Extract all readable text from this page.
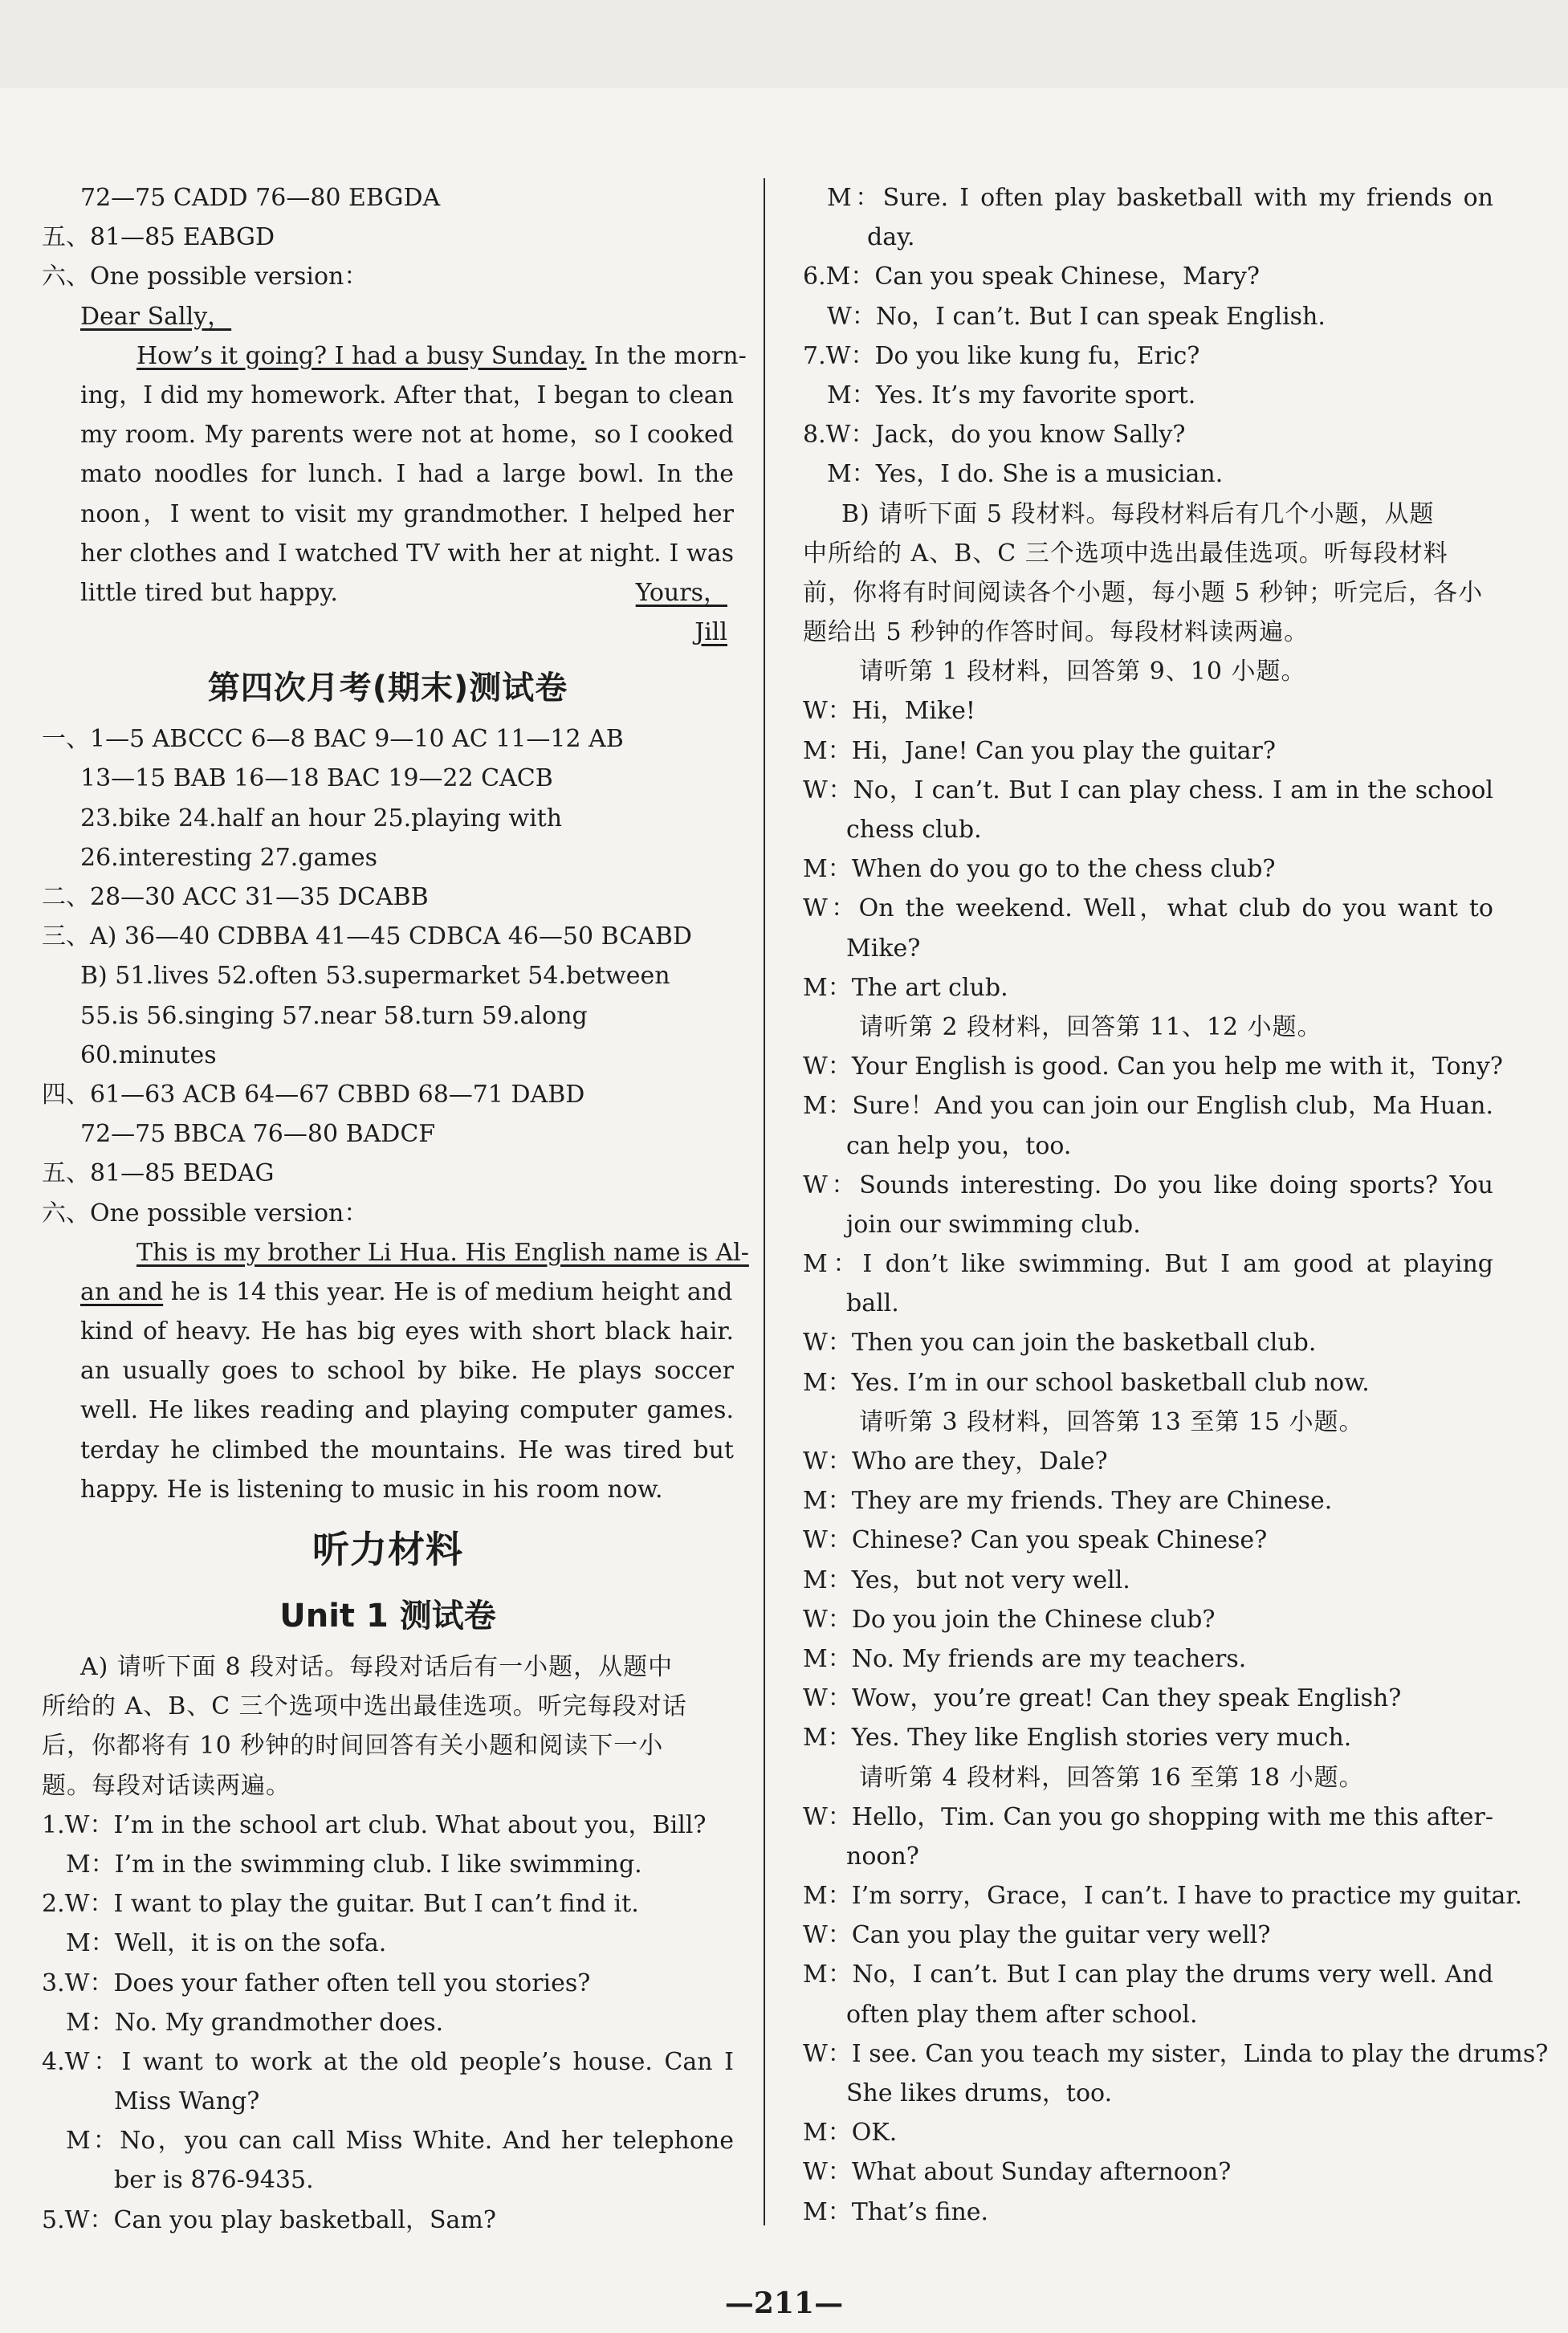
72—75 CADD 76—80 EBGDA

五、81—85 EABGD

六、One possible version：

Dear Sally，

How’s it going? I had a busy Sunday. In the morn-

ing，I did my homework. After that，I began to clean

my room. My parents were not at home，so I cooked

mato noodles for lunch. I had a large bowl. In the

noon，I went to visit my grandmother. I helped her

her clothes and I watched TV with her at night. I was

little tired but happy.	Yours，

Jill

第四次月考(期末)测试卷

一、1—5 ABCCC 6—8 BAC 9—10 AC 11—12 AB

13—15 BAB 16—18 BAC 19—22 CACB

23.bike 24.half an hour 25.playing with

26.interesting 27.games

二、28—30 ACC 31—35 DCABB

三、A) 36—40 CDBBA 41—45 CDBCA 46—50 BCABD

B) 51.lives 52.often 53.supermarket 54.between

55.is 56.singing 57.near 58.turn 59.along

60.minutes

四、61—63 ACB 64—67 CBBD 68—71 DABD

72—75 BBCA 76—80 BADCF

五、81—85 BEDAG

六、One possible version：

This is my brother Li Hua. His English name is Al-

an and he is 14 this year. He is of medium height and

kind of heavy. He has big eyes with short black hair.

an usually goes to school by bike. He plays soccer

well. He likes reading and playing computer games.

terday he climbed the mountains. He was tired but

happy. He is listening to music in his room now.

听力材料
Unit 1 测试卷

A) 请听下面 8 段对话。每段对话后有一小题，从题中

所给的 A、B、C 三个选项中选出最佳选项。听完每段对话

后，你都将有 10 秒钟的时间回答有关小题和阅读下一小

题。每段对话读两遍。

1.W：I’m in the school art club. What about you，Bill?

M：I’m in the swimming club. I like swimming.

2.W：I want to play the guitar. But I can’t find it.

M：Well，it is on the sofa.

3.W：Does your father often tell you stories?

M：No. My grandmother does.

4.W：I want to work at the old people’s house. Can I

Miss Wang?

M：No，you can call Miss White. And her telephone

ber is 876-9435.

5.W：Can you play basketball，Sam?

M：Sure. I often play basketball with my friends on

day.

6.M：Can you speak Chinese，Mary?

W：No，I can’t. But I can speak English.

7.W：Do you like kung fu，Eric?

M：Yes. It’s my favorite sport.

8.W：Jack，do you know Sally?

M：Yes，I do. She is a musician.

B) 请听下面 5 段材料。每段材料后有几个小题，从题

中所给的 A、B、C 三个选项中选出最佳选项。听每段材料

前，你将有时间阅读各个小题，每小题 5 秒钟；听完后，各小

题给出 5 秒钟的作答时间。每段材料读两遍。

请听第 1 段材料，回答第 9、10 小题。

W：Hi，Mike!

M：Hi，Jane! Can you play the guitar?

W：No，I can’t. But I can play chess. I am in the school

chess club.

M：When do you go to the chess club?

W：On the weekend. Well，what club do you want to

Mike?

M：The art club.

请听第 2 段材料，回答第 11、12 小题。

W：Your English is good. Can you help me with it，Tony?

M：Sure！And you can join our English club，Ma Huan.

can help you，too.

W：Sounds interesting. Do you like doing sports? You

join our swimming club.

M：I don’t like swimming. But I am good at playing

ball.

W：Then you can join the basketball club.

M：Yes. I’m in our school basketball club now.

请听第 3 段材料，回答第 13 至第 15 小题。

W：Who are they，Dale?

M：They are my friends. They are Chinese.

W：Chinese? Can you speak Chinese?

M：Yes，but not very well.

W：Do you join the Chinese club?

M：No. My friends are my teachers.

W：Wow，you’re great! Can they speak English?

M：Yes. They like English stories very much.

请听第 4 段材料，回答第 16 至第 18 小题。

W：Hello，Tim. Can you go shopping with me this after-

noon?

M：I’m sorry，Grace，I can’t. I have to practice my guitar.

W：Can you play the guitar very well?

M：No，I can’t. But I can play the drums very well. And

often play them after school.

W：I see. Can you teach my sister，Linda to play the drums?

She likes drums，too.

M：OK.

W：What about Sunday afternoon?

M：That’s fine.

—211—
